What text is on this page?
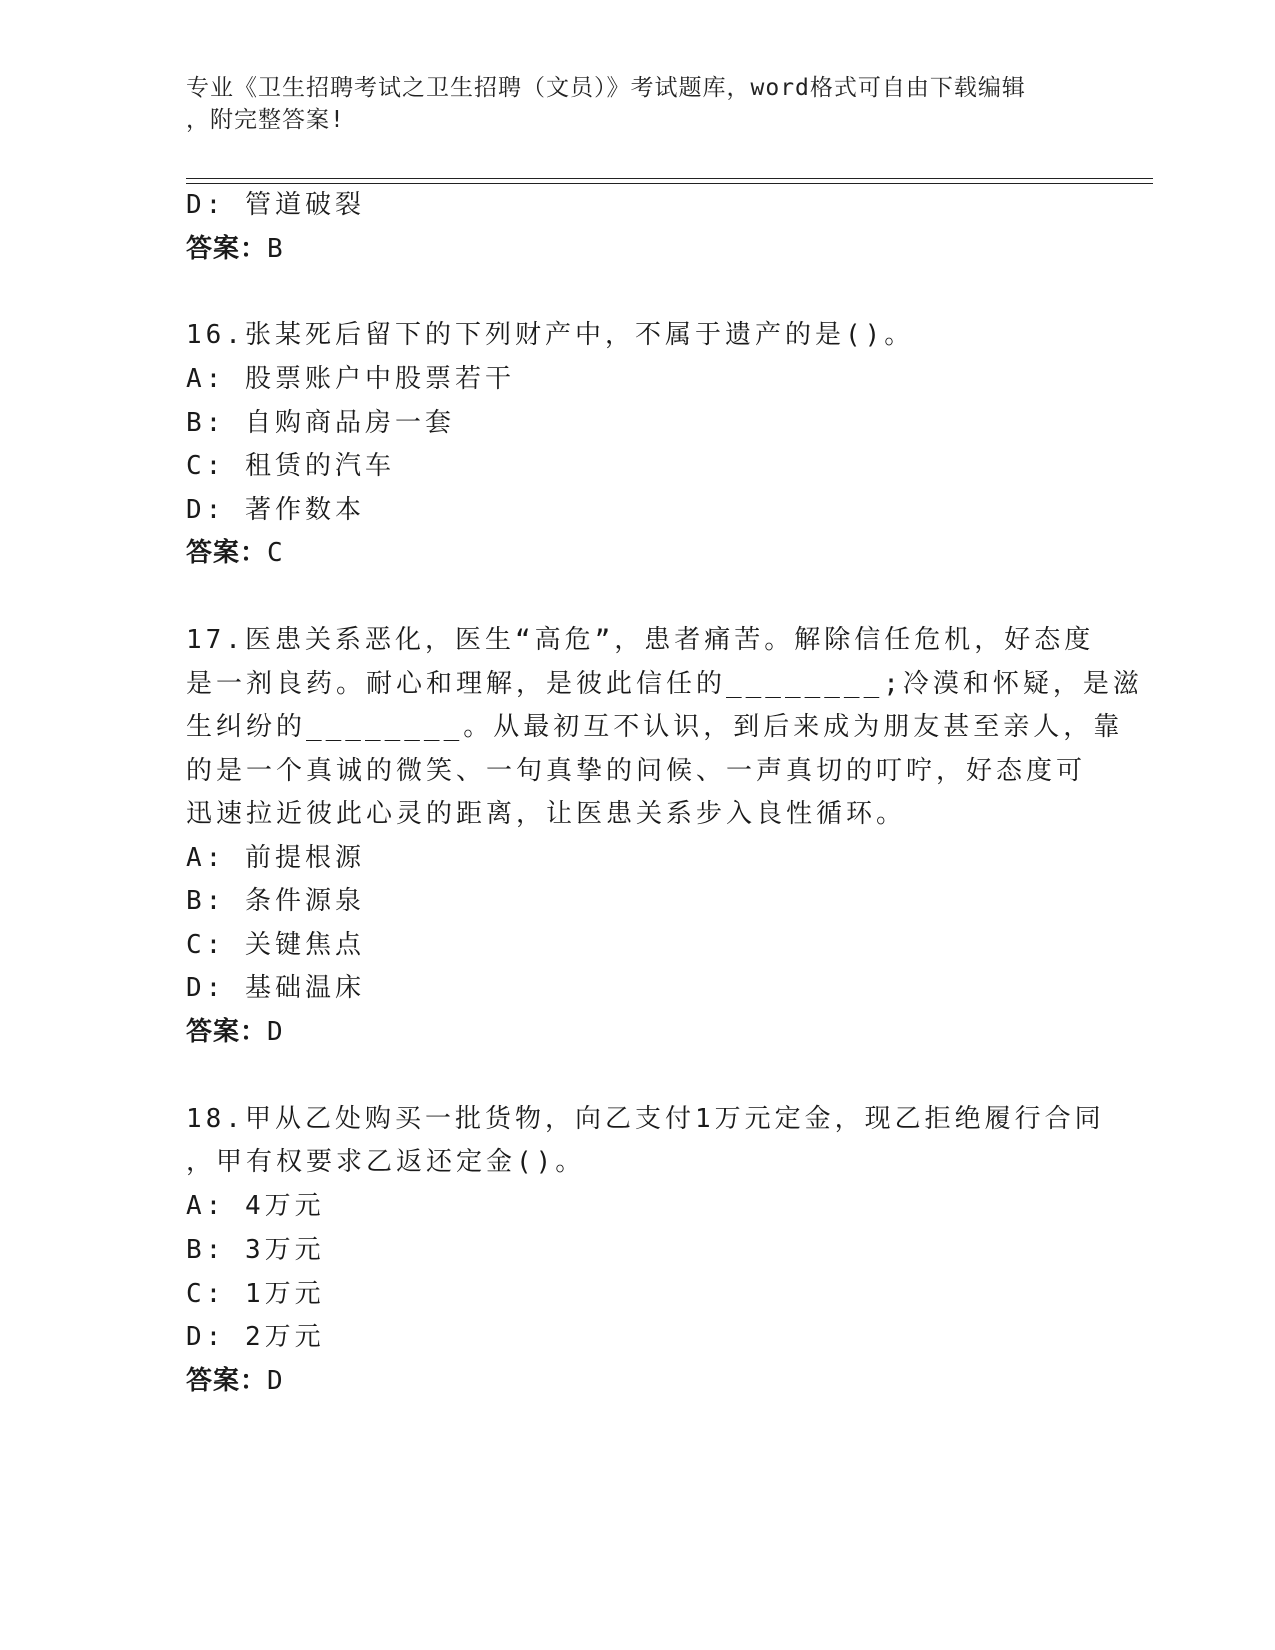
专业《卫生招聘考试之卫生招聘（文员）》考试题库，word格式可自由下载编辑
，附完整答案!
D: 管道破裂
答案：B
16.张某死后留下的下列财产中，不属于遗产的是()。
A: 股票账户中股票若干
B: 自购商品房一套
C: 租赁的汽车
D: 著作数本
答案：C
17.医患关系恶化，医生“高危”，患者痛苦。解除信任危机，好态度
是一剂良药。耐心和理解，是彼此信任的________;冷漠和怀疑，是滋
生纠纷的________。从最初互不认识，到后来成为朋友甚至亲人，靠
的是一个真诚的微笑、一句真挚的问候、一声真切的叮咛，好态度可
迅速拉近彼此心灵的距离，让医患关系步入良性循环。
A: 前提根源
B: 条件源泉
C: 关键焦点
D: 基础温床
答案：D
18.甲从乙处购买一批货物，向乙支付1万元定金，现乙拒绝履行合同
，甲有权要求乙返还定金()。
A: 4万元
B: 3万元
C: 1万元
D: 2万元
答案：D
